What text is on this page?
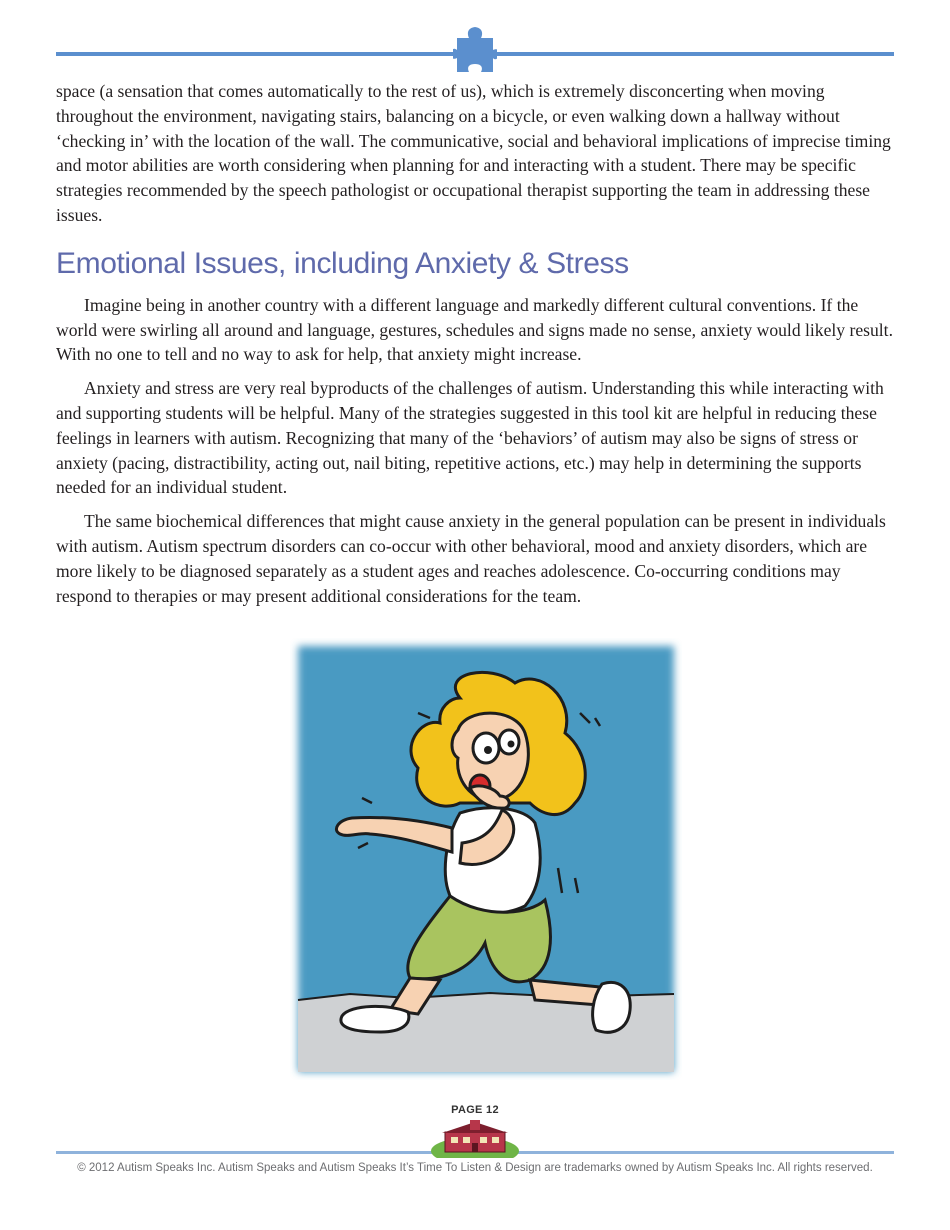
space (a sensation that comes automatically to the rest of us), which is extremely disconcerting when moving throughout the environment, navigating stairs, balancing on a bicycle, or even walking down a hallway without ‘checking in’ with the location of the wall. The communicative, social and behavioral implications of imprecise timing and motor abilities are worth considering when planning for and interacting with a student. There may be specific strategies recommended by the speech pathologist or occupational therapist supporting the team in addressing these issues.

Emotional Issues, including Anxiety & Stress

Imagine being in another country with a different language and markedly different cultural conventions. If the world were swirling all around and language, gestures, schedules and signs made no sense, anxiety would likely result. With no one to tell and no way to ask for help, that anxiety might increase.

Anxiety and stress are very real byproducts of the challenges of autism. Understanding this while interacting with and supporting students will be helpful. Many of the strategies suggested in this tool kit are helpful in reducing these feelings in learners with autism. Recognizing that many of the ‘behaviors’ of autism may also be signs of stress or anxiety (pacing, distractibility, acting out, nail biting, repetitive actions, etc.) may help in determining the supports needed for an individual student.

The same biochemical differences that might cause anxiety in the general population can be present in individuals with autism. Autism spectrum disorders can co-occur with other behavioral, mood and anxiety disorders, which are more likely to be diagnosed separately as a student ages and reaches adolescence. Co-occurring conditions may respond to therapies or may present additional considerations for the team.

PAGE 12
© 2012 Autism Speaks Inc. Autism Speaks and Autism Speaks It’s Time To Listen & Design are trademarks owned by Autism Speaks Inc. All rights reserved.
